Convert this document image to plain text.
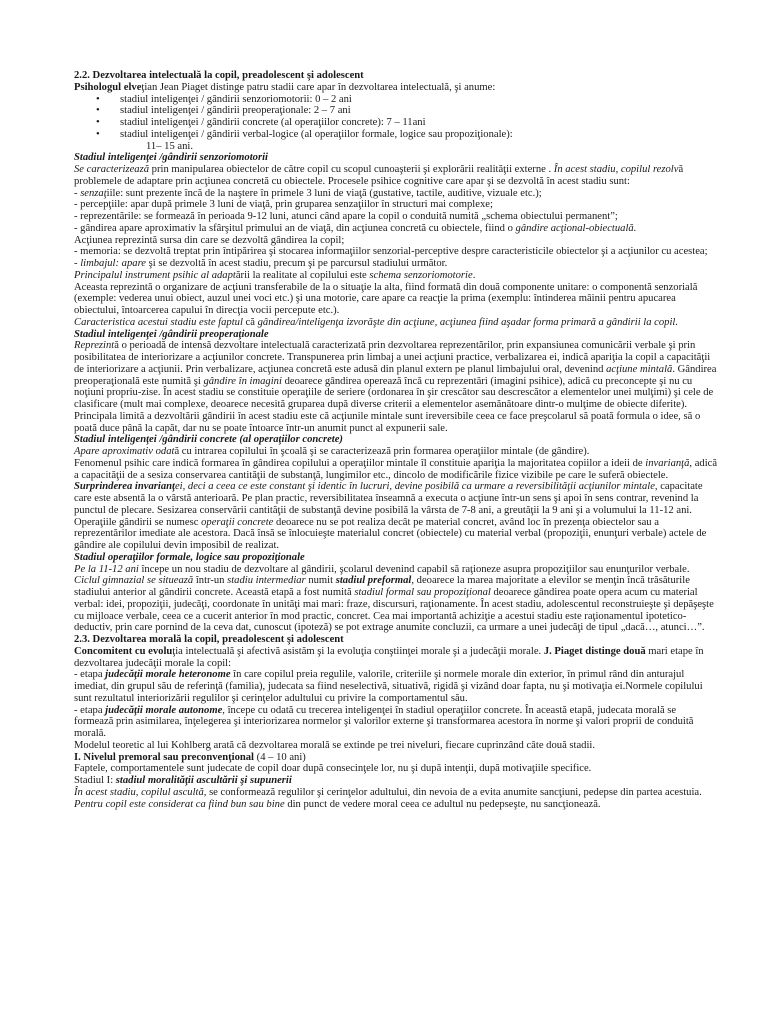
2.2. Dezvoltarea intelectuală la copil, preadolescent şi adolescent

Psihologul elveţian Jean Piaget distinge patru stadii care apar în dezvoltarea intelectuală, şi anume:

• stadiul inteligenţei / gândirii senzoriomotorii: 0 – 2 ani
• stadiul inteligenţei / gândirii preoperaţionale: 2 – 7 ani
• stadiul inteligenţei / gândirii concrete (al operaţiilor concrete): 7 – 11ani
• stadiul inteligenţei / gândirii verbal-logice (al operaţiilor formale, logice sau propoziţionale):

11– 15 ani.

Stadiul inteligenţei /gândirii senzoriomotorii

Se caracterizează prin manipularea obiectelor de către copil cu scopul cunoaşterii şi explorării realităţii externe . În acest stadiu, copilul rezolvă problemele de adaptare prin acţiunea concretă cu obiectele. Procesele psihice cognitive care apar şi se dezvoltă în acest stadiu sunt:

- senzaţiile: sunt prezente încă de la naştere în primele 3 luni de viaţă (gustative, tactile, auditive, vizuale etc.);

- percepţiile: apar după primele 3 luni de viaţă, prin gruparea senzaţiilor în structuri mai complexe;

- reprezentările: se formează în perioada 9-12 luni, atunci când apare la copil o conduită numită „schema obiectului permanent”;

- gândirea apare aproximativ la sfârşitul primului an de viaţă, din acţiunea concretă cu obiectele, fiind o gândire acţional-obiectuală.

Acţiunea reprezintă sursa din care se dezvoltă gândirea la copil;

- memoria: se dezvoltă treptat prin întipărirea şi stocarea informaţiilor senzorial-perceptive despre caracteristicile obiectelor şi a acţiunilor cu acestea;

- limbajul: apare şi se dezvoltă în acest stadiu, precum şi pe parcursul stadiului următor.

Principalul instrument psihic al adaptării la realitate al copilului este schema senzoriomotorie.

Aceasta reprezintă o organizare de acţiuni transferabile de la o situaţie la alta, fiind formată din două componente unitare: o componentă senzorială (exemple: vederea unui obiect, auzul unei voci etc.) şi una motorie, care apare ca reacţie la prima (exemplu: întinderea mâinii pentru apucarea obiectului, întoarcerea capului în direcţia vocii percepute etc.).

Caracteristica acestui stadiu este faptul că gândirea/inteligenţa izvorăşte din acţiune, acţiunea fiind aşadar forma primară a gândirii la copil.

Stadiul inteligenţei /gândirii preoperaţionale

Reprezintă o perioadă de intensă dezvoltare intelectuală caracterizată prin dezvoltarea reprezentărilor, prin expansiunea comunicării verbale şi prin posibilitatea de interiorizare a acţiunilor concrete. Transpunerea prin limbaj a unei acţiuni practice, verbalizarea ei, indică apariţia la copil a capacităţii de interiorizare a acţiunii. Prin verbalizare, acţiunea concretă este adusă din planul extern pe planul limbajului oral, devenind acţiune mintală. Gândirea preoperaţională este numită şi gândire în imagini deoarece gândirea operează încă cu reprezentări (imagini psihice), adică cu preconcepte şi nu cu noţiuni propriu-zise. În acest stadiu se constituie operaţiile de seriere (ordonarea în şir crescător sau descrescător a elementelor unei mulţimi) şi cele de clasificare (mult mai complexe, deoarece necesită gruparea după diverse criterii a elementelor asemănătoare dintr-o mulţime de obiecte diferite).

Principala limită a dezvoltării gândirii în acest stadiu este că acţiunile mintale sunt ireversibile ceea ce face preşcolarul să poată formula o idee, să o poată duce până la capăt, dar nu se poate întoarce într-un anumit punct al expunerii sale.

Stadiul inteligenţei /gândirii concrete (al operaţiilor concrete)

Apare aproximativ odată cu intrarea copilului în şcoală şi se caracterizează prin formarea operaţiilor mintale (de gândire).

Fenomenul psihic care indică formarea în gândirea copilului a operaţiilor mintale îl constituie apariţia la majoritatea copiilor a ideii de invarianţă, adică a capacităţii de a sesiza conservarea cantităţii de substanţă, lungimilor etc., dincolo de modificările fizice vizibile pe care le suferă obiectele. Surprinderea invarianţei, deci a ceea ce este constant şi identic în lucruri, devine posibilă ca urmare a reversibilităţii acţiunilor mintale, capacitate care este absentă la o vârstă anterioară. Pe plan practic, reversibilitatea înseamnă a executa o acţiune într-un sens şi apoi în sens contrar, revenind la punctul de plecare. Sesizarea conservării cantităţii de substanţă devine posibilă la vârsta de 7-8 ani, a greutăţii la 9 ani şi a volumului la 11-12 ani.

Operaţiile gândirii se numesc operaţii concrete deoarece nu se pot realiza decât pe material concret, având loc în prezenţa obiectelor sau a reprezentărilor imediate ale acestora. Dacă însă se înlocuieşte materialul concret (obiectele) cu material verbal (propoziţii, enunţuri verbale) actele de gândire ale copilului devin imposibil de realizat.

Stadiul operaţiilor formale, logice sau propoziţionale

Pe la 11-12 ani începe un nou stadiu de dezvoltare al gândirii, şcolarul devenind capabil să raţioneze asupra propoziţiilor sau enunţurilor verbale. Ciclul gimnazial se situează într-un stadiu intermediar numit stadiul preformal, deoarece la marea majoritate a elevilor se menţin încă trăsăturile stadiului anterior al gândirii concrete. Această etapă a fost numită stadiul formal sau propoziţional deoarece gândirea poate opera acum cu material verbal: idei, propoziţii, judecăţi, coordonate în unităţi mai mari: fraze, discursuri, raţionamente. În acest stadiu, adolescentul reconstruieşte şi depăşeşte cu mijloace verbale, ceea ce a cucerit anterior în mod practic, concret. Cea mai importantă achiziţie a acestui stadiu este raţionamentul ipotetico-deductiv, prin care pornind de la ceva dat, cunoscut (ipoteză) se pot extrage anumite concluzii, ca urmare a unei judecăţi de tipul „dacă…, atunci…”.

2.3. Dezvoltarea morală la copil, preadolescent şi adolescent

Concomitent cu evoluţia intelectuală şi afectivă asistăm şi la evoluţia conştiinţei morale şi a judecăţii morale. J. Piaget distinge două mari etape în dezvoltarea judecăţii morale la copil:

- etapa judecăţii morale heteronome în care copilul preia regulile, valorile, criteriile şi normele morale din exterior, în primul rând din anturajul imediat, din grupul său de referinţă (familia), judecata sa fiind neselectivă, situativă, rigidă şi vizând doar fapta, nu şi motivaţia ei.Normele copilului sunt rezultatul interiorizării regulilor şi cerinţelor adultului cu privire la comportamentul său.

- etapa judecăţii morale autonome, începe cu odată cu trecerea inteligenţei în stadiul operaţiilor concrete. În această etapă, judecata morală se formează prin asimilarea, înţelegerea şi interiorizarea normelor şi valorilor externe şi transformarea acestora în norme şi valori proprii de conduită morală.

Modelul teoretic al lui Kohlberg arată că dezvoltarea morală se extinde pe trei niveluri, fiecare cuprinzând câte două stadii.

I. Nivelul premoral sau preconvenţional (4 – 10 ani)

Faptele, comportamentele sunt judecate de copil doar după consecinţele lor, nu şi după intenţii, după motivaţiile specifice.

Stadiul I: stadiul moralităţii ascultării şi supunerii

În acest stadiu, copilul ascultă, se conformează regulilor şi cerinţelor adultului, din nevoia de a evita anumite sancţiuni, pedepse din partea acestuia. Pentru copil este considerat ca fiind bun sau bine din punct de vedere moral ceea ce adultul nu pedepseşte, nu sancţionează.
